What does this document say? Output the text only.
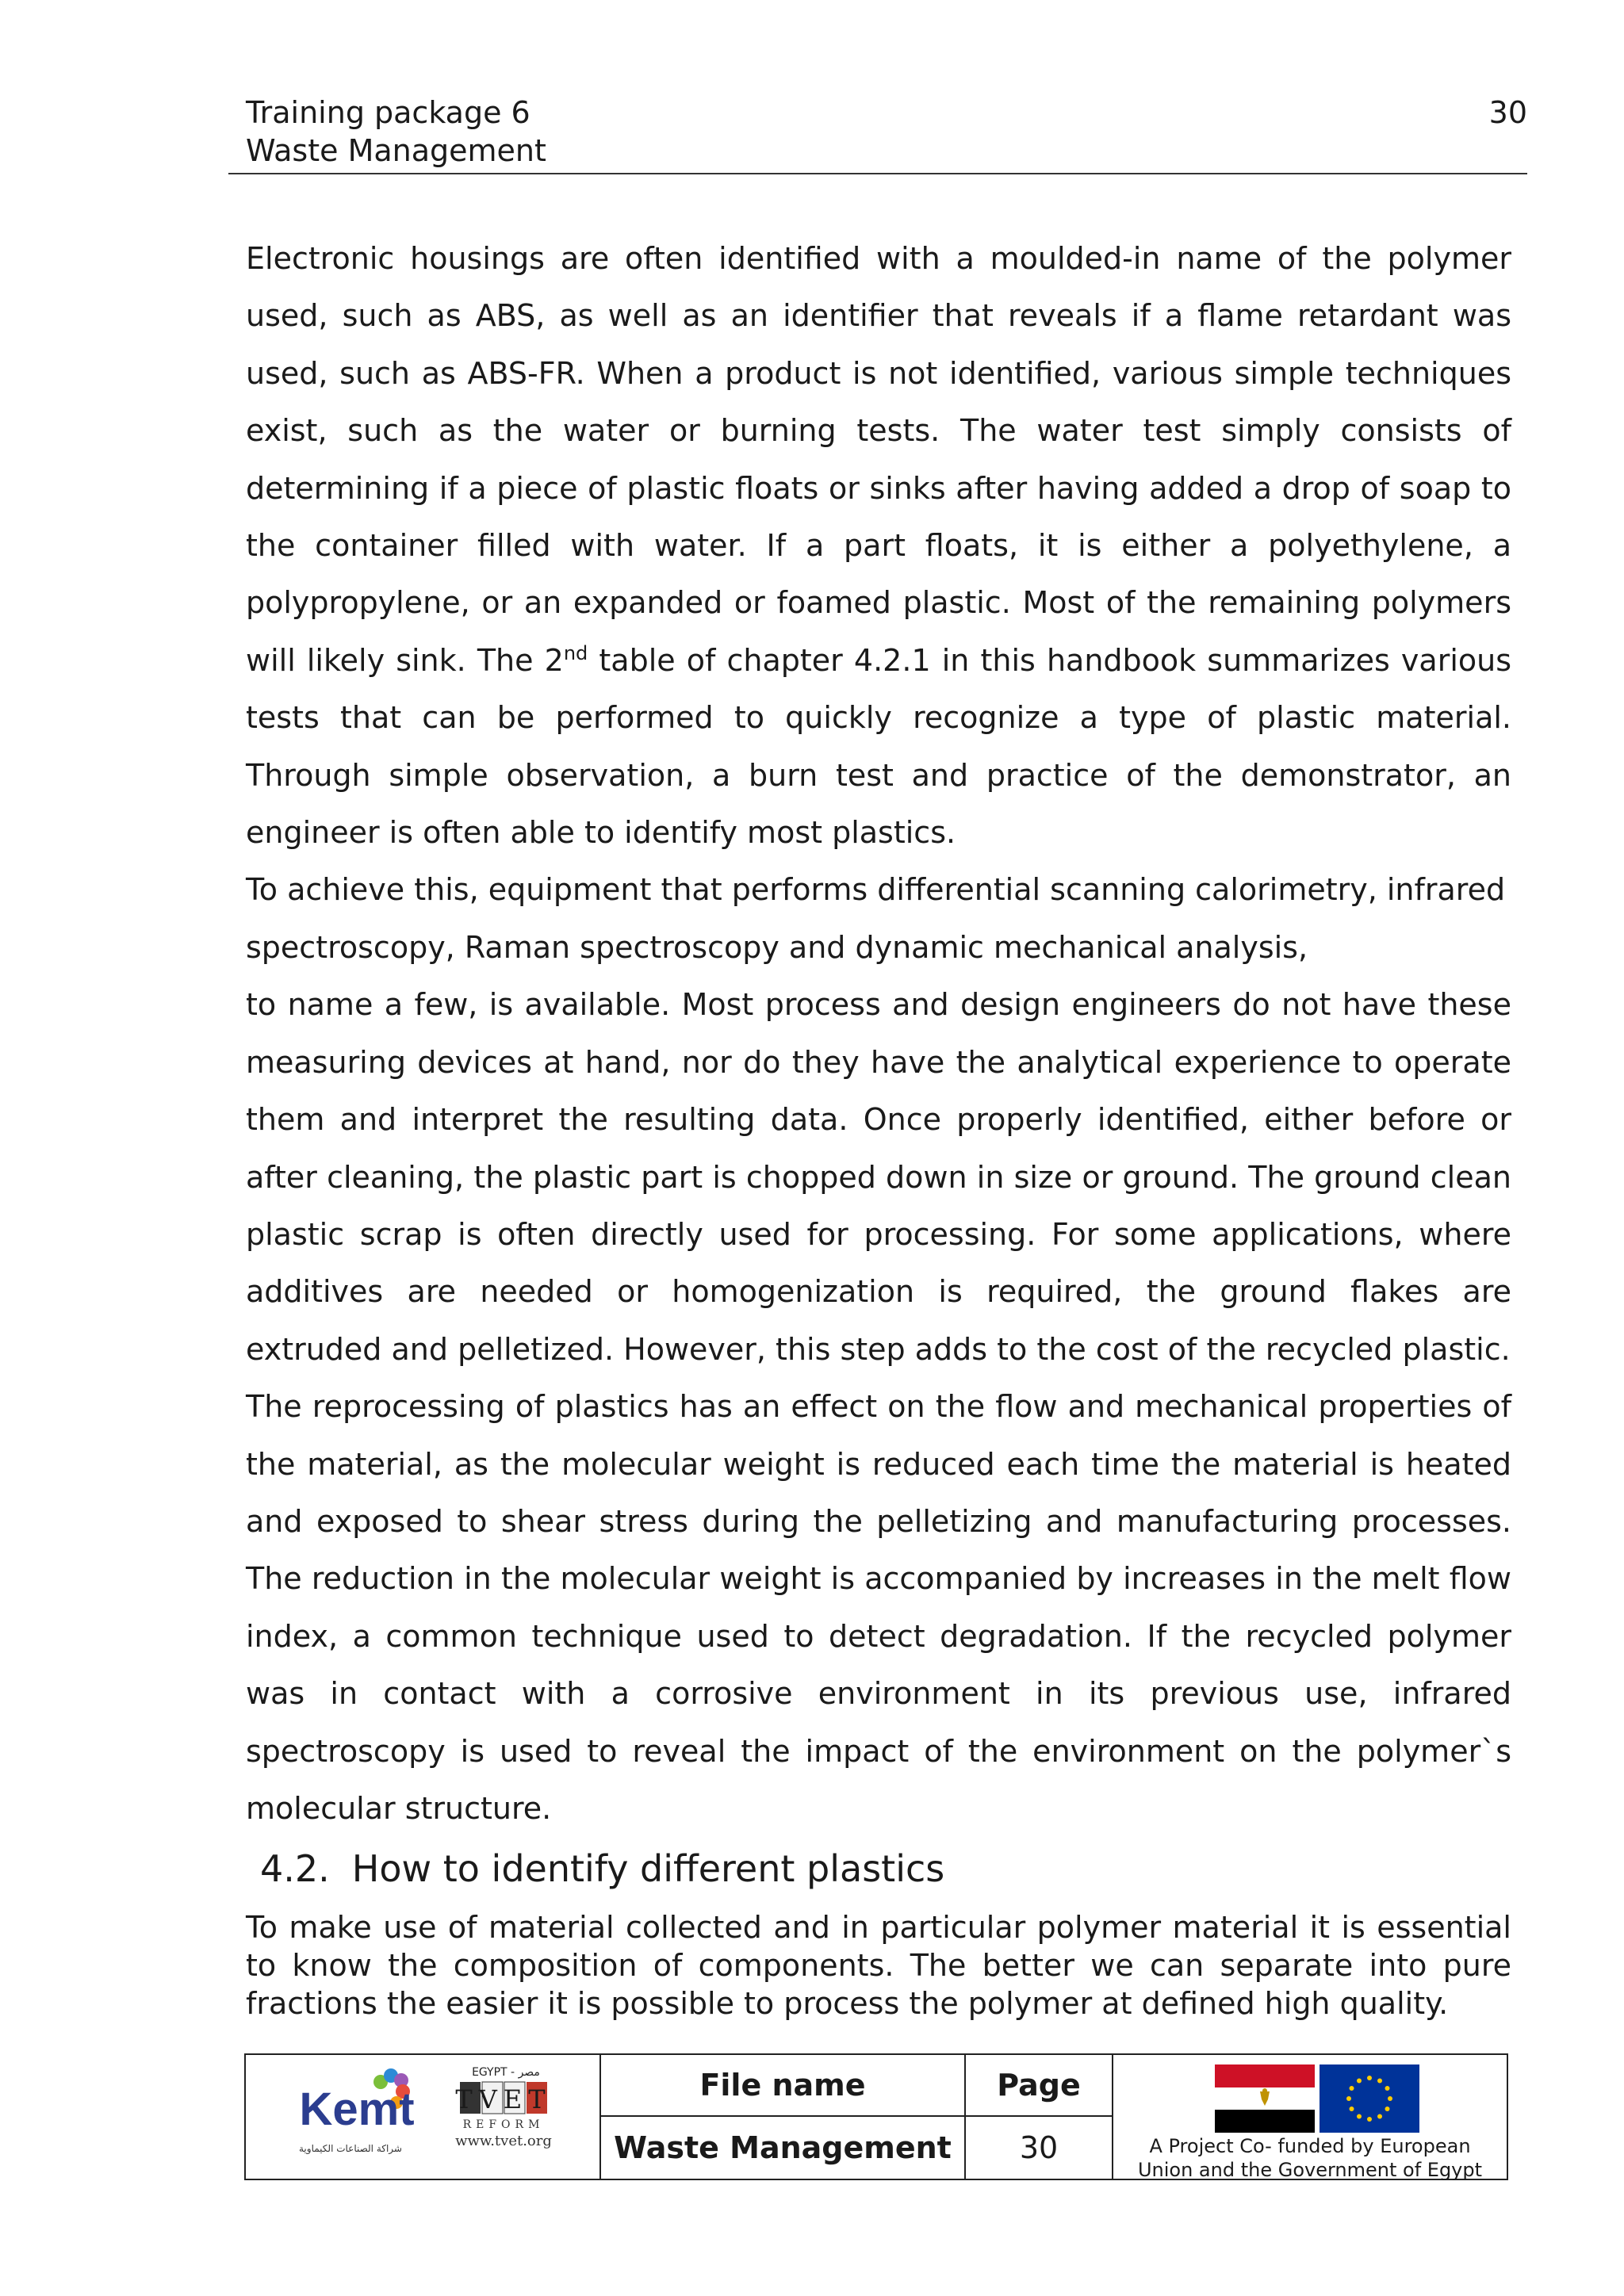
Training package 6
Waste Management
30

Electronic housings are often identified with a moulded-in name of the polymer used, such as ABS, as well as an identifier that reveals if a flame retardant was used, such as ABS-FR. When a product is not identified, various simple techniques exist, such as the water or burning tests. The water test simply consists of determining if a piece of plastic floats or sinks after having added a drop of soap to the container filled with water. If a part floats, it is either a polyethylene, a polypropylene, or an expanded or foamed plastic. Most of the remaining polymers will likely sink. The 2nd table of chapter 4.2.1 in this handbook summarizes various tests that can be performed to quickly recognize a type of plastic material. Through simple observation, a burn test and practice of the demonstrator, an engineer is often able to identify most plastics.

To achieve this, equipment that performs differential scanning calorimetry, infrared spectroscopy, Raman spectroscopy and dynamic mechanical analysis,

to name a few, is available. Most process and design engineers do not have these measuring devices at hand, nor do they have the analytical experience to operate them and interpret the resulting data. Once properly identified, either before or after cleaning, the plastic part is chopped down in size or ground. The ground clean plastic scrap is often directly used for processing. For some applications, where additives are needed or homogenization is required, the ground flakes are extruded and pelletized. However, this step adds to the cost of the recycled plastic.

The reprocessing of plastics has an effect on the flow and mechanical properties of the material, as the molecular weight is reduced each time the material is heated and exposed to shear stress during the pelletizing and manufacturing processes. The reduction in the molecular weight is accompanied by increases in the melt flow index, a common technique used to detect degradation. If the recycled polymer was in contact with a corrosive environment in its previous use, infrared spectroscopy is used to reveal the impact of the environment on the polymer`s molecular structure.

4.2. How to identify different plastics

To make use of material collected and in particular polymer material it is essential to know the composition of components. The better we can separate into pure fractions the easier it is possible to process the polymer at defined high quality.

Kemt
شراكة الصناعات الكيماوية
EGYPT - مصر
TVET
REFORM
www.tvet.org
File name	Page
Waste Management	30	A Project Co- funded by European
Union and the Government of Egypt
